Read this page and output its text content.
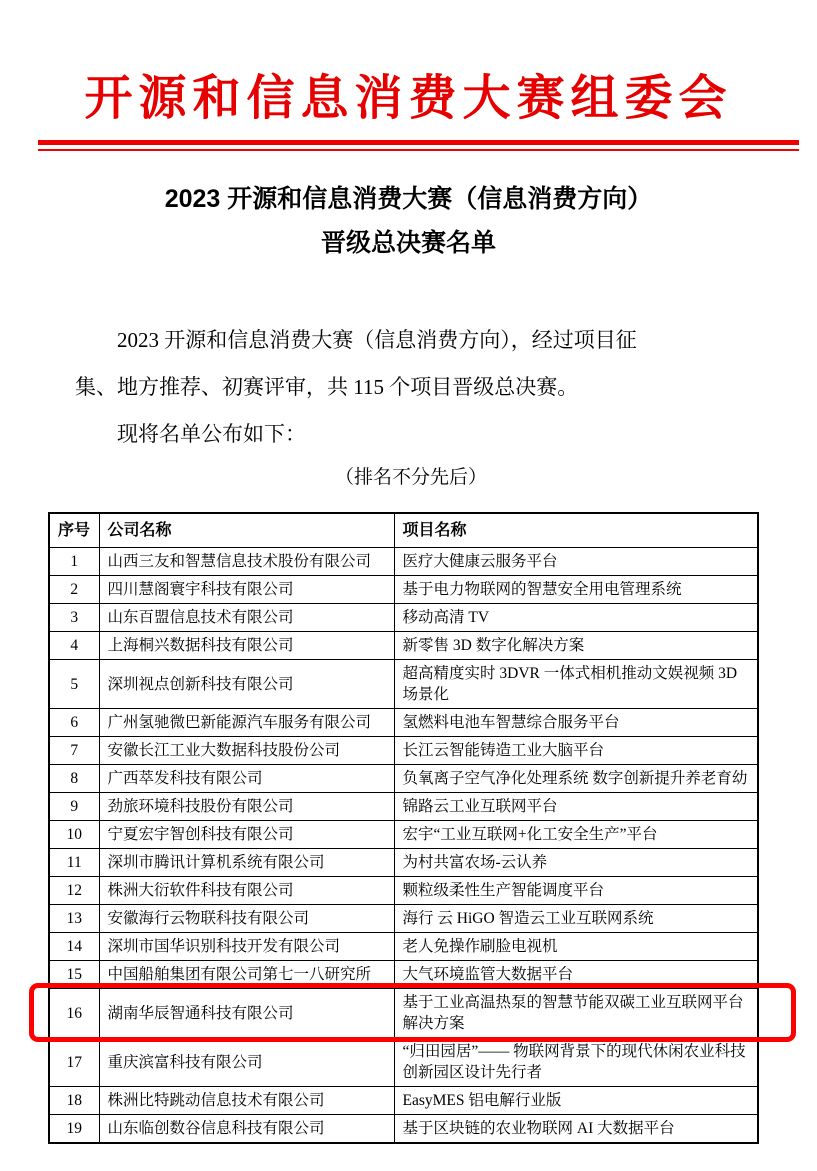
开源和信息消费大赛组委会
2023 开源和信息消费大赛（信息消费方向）
晋级总决赛名单
2023 开源和信息消费大赛（信息消费方向），经过项目征
集、地方推荐、初赛评审，共 115 个项目晋级总决赛。
现将名单公布如下：
（排名不分先后）
序号	公司名称	项目名称
1	山西三友和智慧信息技术股份有限公司	医疗大健康云服务平台
2	四川慧阁寰宇科技有限公司	基于电力物联网的智慧安全用电管理系统
3	山东百盟信息技术有限公司	移动高清 TV
4	上海桐兴数据科技有限公司	新零售 3D 数字化解决方案
5	深圳视点创新科技有限公司	超高精度实时 3DVR 一体式相机推动文娱视频 3D 场景化
6	广州氢驰微巴新能源汽车服务有限公司	氢燃料电池车智慧综合服务平台
7	安徽长江工业大数据科技股份公司	长江云智能铸造工业大脑平台
8	广西萃发科技有限公司	负氧离子空气净化处理系统 数字创新提升养老育幼
9	劲旅环境科技股份有限公司	锦路云工业互联网平台
10	宁夏宏宇智创科技有限公司	宏宇“工业互联网+化工安全生产”平台
11	深圳市腾讯计算机系统有限公司	为村共富农场-云认养
12	株洲大衍软件科技有限公司	颗粒级柔性生产智能调度平台
13	安徽海行云物联科技有限公司	海行 云 HiGO 智造云工业互联网系统
14	深圳市国华识别科技开发有限公司	老人免操作刷脸电视机
15	中国船舶集团有限公司第七一八研究所	大气环境监管大数据平台
16	湖南华辰智通科技有限公司	基于工业高温热泵的智慧节能双碳工业互联网平台解决方案
17	重庆滨富科技有限公司	“归田园居”—— 物联网背景下的现代休闲农业科技创新园区设计先行者
18	株洲比特跳动信息技术有限公司	EasyMES 铝电解行业版
19	山东临创数谷信息科技有限公司	基于区块链的农业物联网 AI 大数据平台
